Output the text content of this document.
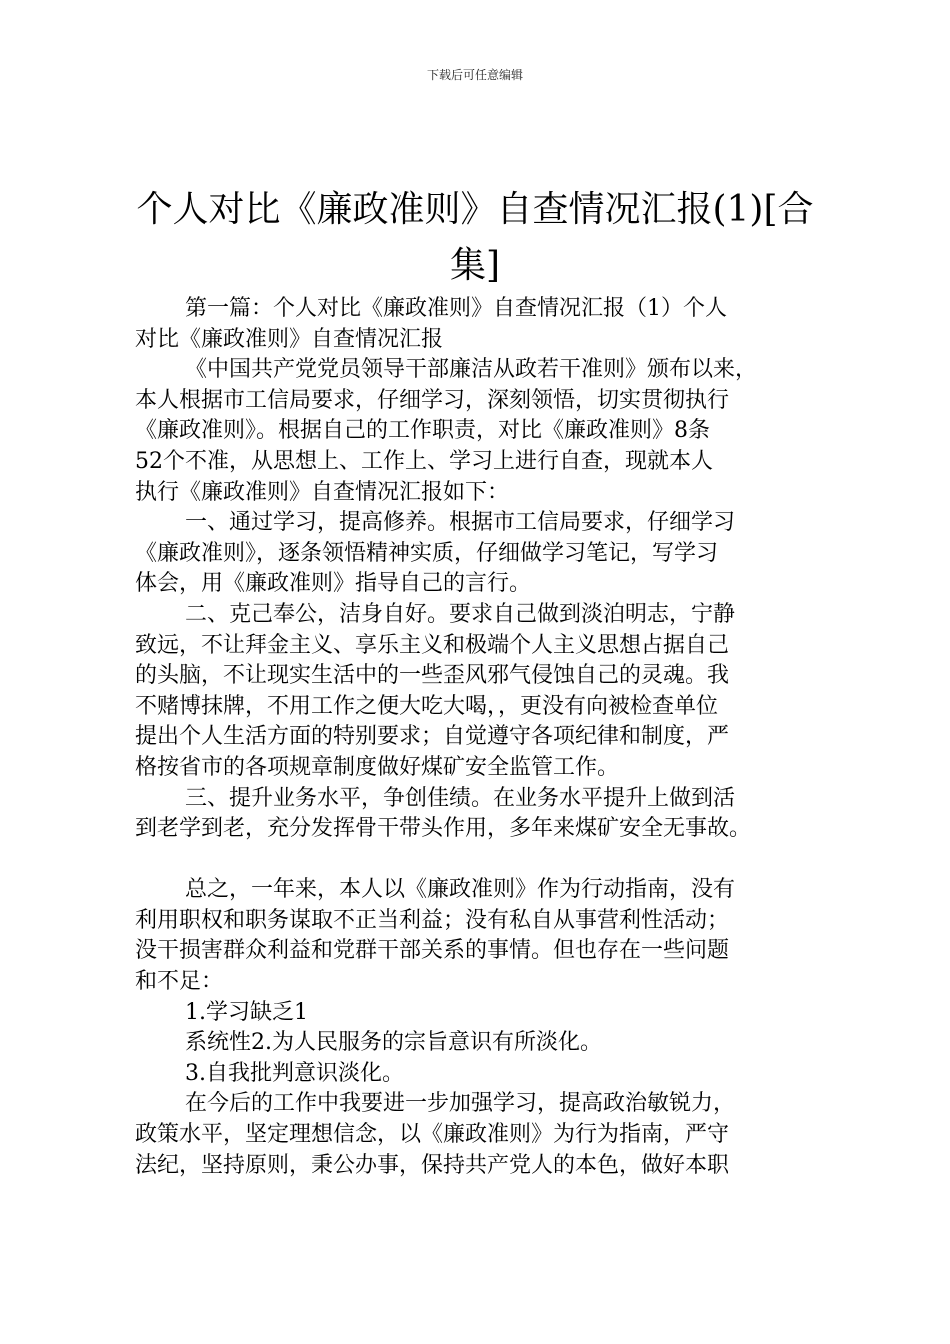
下载后可任意编辑
个人对比《廉政准则》自查情况汇报(1)[合
集]
第一篇：个人对比《廉政准则》自查情况汇报（1）个人
对比《廉政准则》自查情况汇报
《中国共产党党员领导干部廉洁从政若干准则》颁布以来，
本人根据市工信局要求，仔细学习，深刻领悟，切实贯彻执行
《廉政准则》。根据自己的工作职责，对比《廉政准则》8条
52个不准，从思想上、工作上、学习上进行自查，现就本人
执行《廉政准则》自查情况汇报如下：
一、通过学习，提高修养。根据市工信局要求，仔细学习
《廉政准则》，逐条领悟精神实质，仔细做学习笔记，写学习
体会，用《廉政准则》指导自己的言行。
二、克己奉公，洁身自好。要求自己做到淡泊明志，宁静
致远，不让拜金主义、享乐主义和极端个人主义思想占据自己
的头脑，不让现实生活中的一些歪风邪气侵蚀自己的灵魂。我
不赌博抹牌，不用工作之便大吃大喝，，更没有向被检查单位
提出个人生活方面的特别要求；自觉遵守各项纪律和制度，严
格按省市的各项规章制度做好煤矿安全监管工作。
三、提升业务水平，争创佳绩。在业务水平提升上做到活
到老学到老，充分发挥骨干带头作用，多年来煤矿安全无事故。
总之，一年来，本人以《廉政准则》作为行动指南，没有
利用职权和职务谋取不正当利益；没有私自从事营利性活动；
没干损害群众利益和党群干部关系的事情。但也存在一些问题
和不足：
1.学习缺乏1
系统性2.为人民服务的宗旨意识有所淡化。
3.自我批判意识淡化。
在今后的工作中我要进一步加强学习，提高政治敏锐力，
政策水平，坚定理想信念，以《廉政准则》为行为指南，严守
法纪，坚持原则，秉公办事，保持共产党人的本色，做好本职
